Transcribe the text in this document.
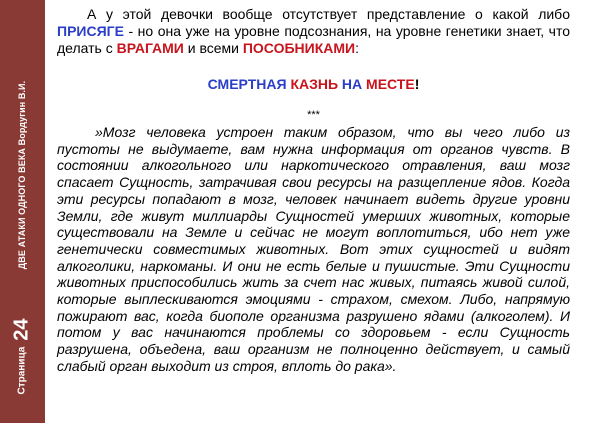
ДВЕ АТАКИ ОДНОГО ВЕКА Вордугин В.И.
Страница
24

А у этой девочки вообще отсутствует представление о какой либо ПРИСЯГЕ - но она уже на уровне подсознания, на уровне генетики знает, что делать с ВРАГАМИ и всеми ПОСОБНИКАМИ:

СМЕРТНАЯ КАЗНЬ НА МЕСТЕ!

***

»Мозг человека устроен таким образом, что вы чего либо из пустоты не выдумаете, вам нужна информация от органов чувств. В состоянии алкогольного или наркотического отравления, ваш мозг спасает Сущность, затрачивая свои ресурсы на разщепление ядов. Когда эти ресурсы попадают в мозг, человек начинает видеть другие уровни Земли, где живут миллиарды Сущностей умерших животных, которые существовали на Земле и сейчас не могут воплотиться, ибо нет уже генетически совместимых животных. Вот этих сущностей и видят алкоголики, наркоманы. И они не есть белые и пушистые. Эти Сущности животных приспособились жить за счет нас живых, питаясь живой силой, которые выплескиваются эмоциями - страхом, смехом. Либо, напрямую пожирают вас, когда биополе организма разрушено ядами (алкоголем). И потом у вас начинаются проблемы со здоровьем - если Сущность разрушена, объедена, ваш организм не полноценно действует, и самый слабый орган выходит из строя, вплоть до рака».
